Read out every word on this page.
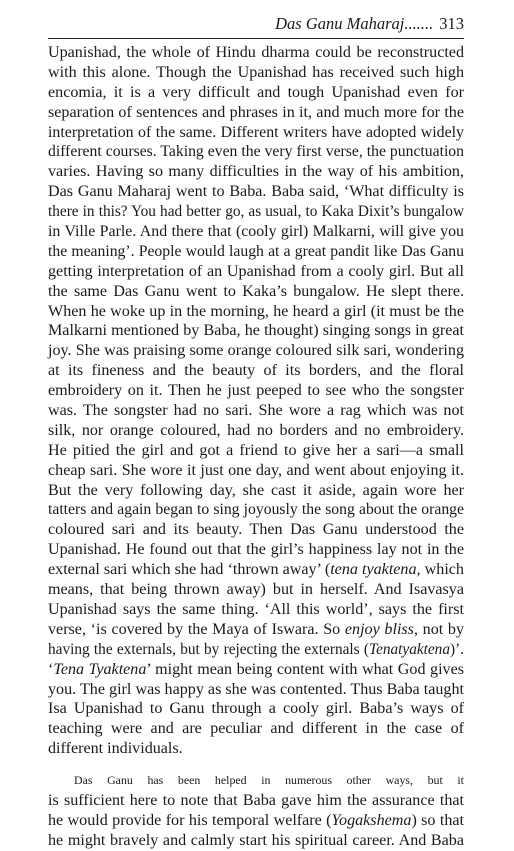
Das Ganu Maharaj....... 313
Upanishad, the whole of Hindu dharma could be reconstructed
with this alone. Though the Upanishad has received such high
encomia, it is a very difficult and tough Upanishad even for
separation of sentences and phrases in it, and much more for the
interpretation of the same. Different writers have adopted widely
different courses. Taking even the very first verse, the punctuation
varies. Having so many difficulties in the way of his ambition,
Das Ganu Maharaj went to Baba. Baba said, ‘What difficulty is
there in this? You had better go, as usual, to Kaka Dixit’s bungalow
in Ville Parle. And there that (cooly girl) Malkarni, will give you
the meaning’. People would laugh at a great pandit like Das Ganu
getting interpretation of an Upanishad from a cooly girl. But all
the same Das Ganu went to Kaka’s bungalow. He slept there.
When he woke up in the morning, he heard a girl (it must be the
Malkarni mentioned by Baba, he thought) singing songs in great
joy. She was praising some orange coloured silk sari, wondering
at its fineness and the beauty of its borders, and the floral
embroidery on it. Then he just peeped to see who the songster
was. The songster had no sari. She wore a rag which was not
silk, nor orange coloured, had no borders and no embroidery.
He pitied the girl and got a friend to give her a sari—a small
cheap sari. She wore it just one day, and went about enjoying it.
But the very following day, she cast it aside, again wore her
tatters and again began to sing joyously the song about the orange
coloured sari and its beauty. Then Das Ganu understood the
Upanishad. He found out that the girl’s happiness lay not in the
external sari which she had ‘thrown away’ (tena tyaktena, which
means, that being thrown away) but in herself. And Isavasya
Upanishad says the same thing. ‘All this world’, says the first
verse, ‘is covered by the Maya of Iswara. So enjoy bliss, not by
having the externals, but by rejecting the externals (Tenatyaktena)’.
‘Tena Tyaktena’ might mean being content with what God gives
you. The girl was happy as she was contented. Thus Baba taught
Isa Upanishad to Ganu through a cooly girl. Baba’s ways of
teaching were and are peculiar and different in the case of
different individuals.
Das Ganu has been helped in numerous other ways, but it
is sufficient here to note that Baba gave him the assurance that
he would provide for his temporal welfare (Yogakshema) so that
he might bravely and calmly start his spiritual career. And Baba
